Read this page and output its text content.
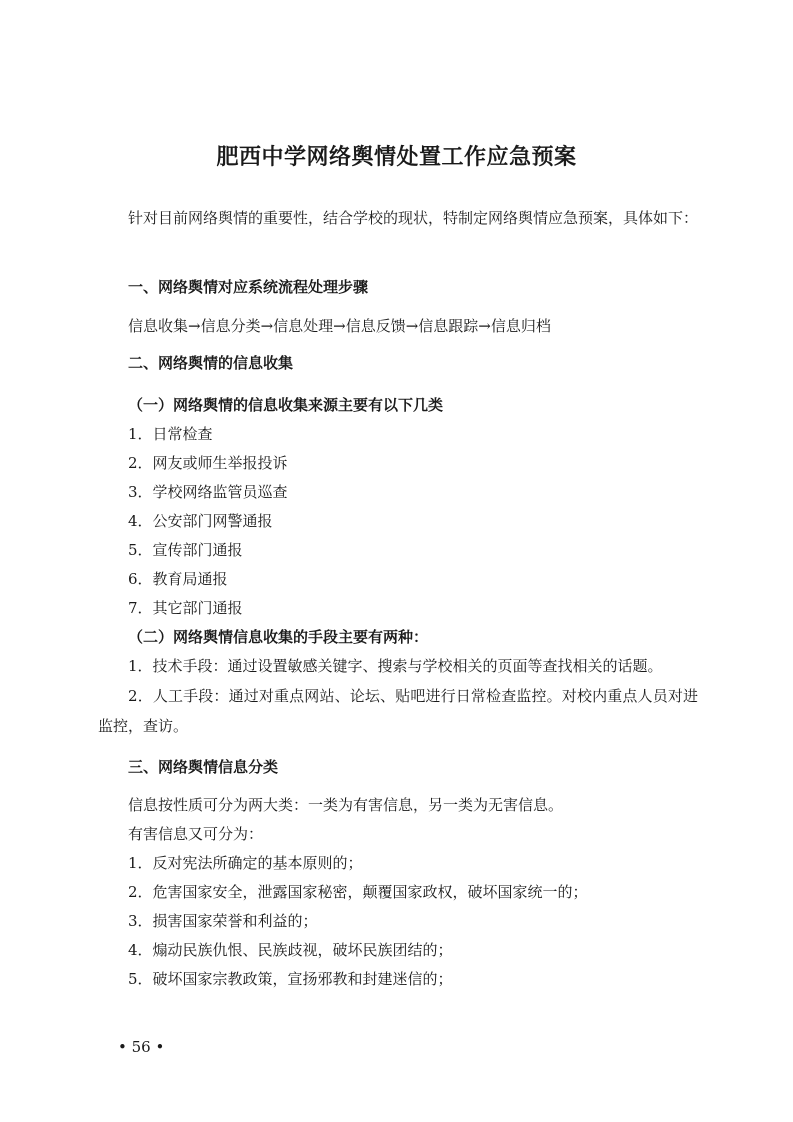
肥西中学网络舆情处置工作应急预案

针对目前网络舆情的重要性，结合学校的现状，特制定网络舆情应急预案，具体如下：

一、网络舆情对应系统流程处理步骤

信息收集→信息分类→信息处理→信息反馈→信息跟踪→信息归档

二、网络舆情的信息收集

（一）网络舆情的信息收集来源主要有以下几类

1．日常检查

2．网友或师生举报投诉

3．学校网络监管员巡查

4．公安部门网警通报

5．宣传部门通报

6．教育局通报

7．其它部门通报

（二）网络舆情信息收集的手段主要有两种：

1．技术手段：通过设置敏感关键字、搜索与学校相关的页面等查找相关的话题。

2．人工手段：通过对重点网站、论坛、贴吧进行日常检查监控。对校内重点人员对进监控，查访。

三、网络舆情信息分类

信息按性质可分为两大类：一类为有害信息，另一类为无害信息。

有害信息又可分为：

1．反对宪法所确定的基本原则的；

2．危害国家安全，泄露国家秘密，颠覆国家政权，破坏国家统一的；

3．损害国家荣誉和利益的；

4．煽动民族仇恨、民族歧视，破坏民族团结的；

5．破坏国家宗教政策，宣扬邪教和封建迷信的；

• 56 •
